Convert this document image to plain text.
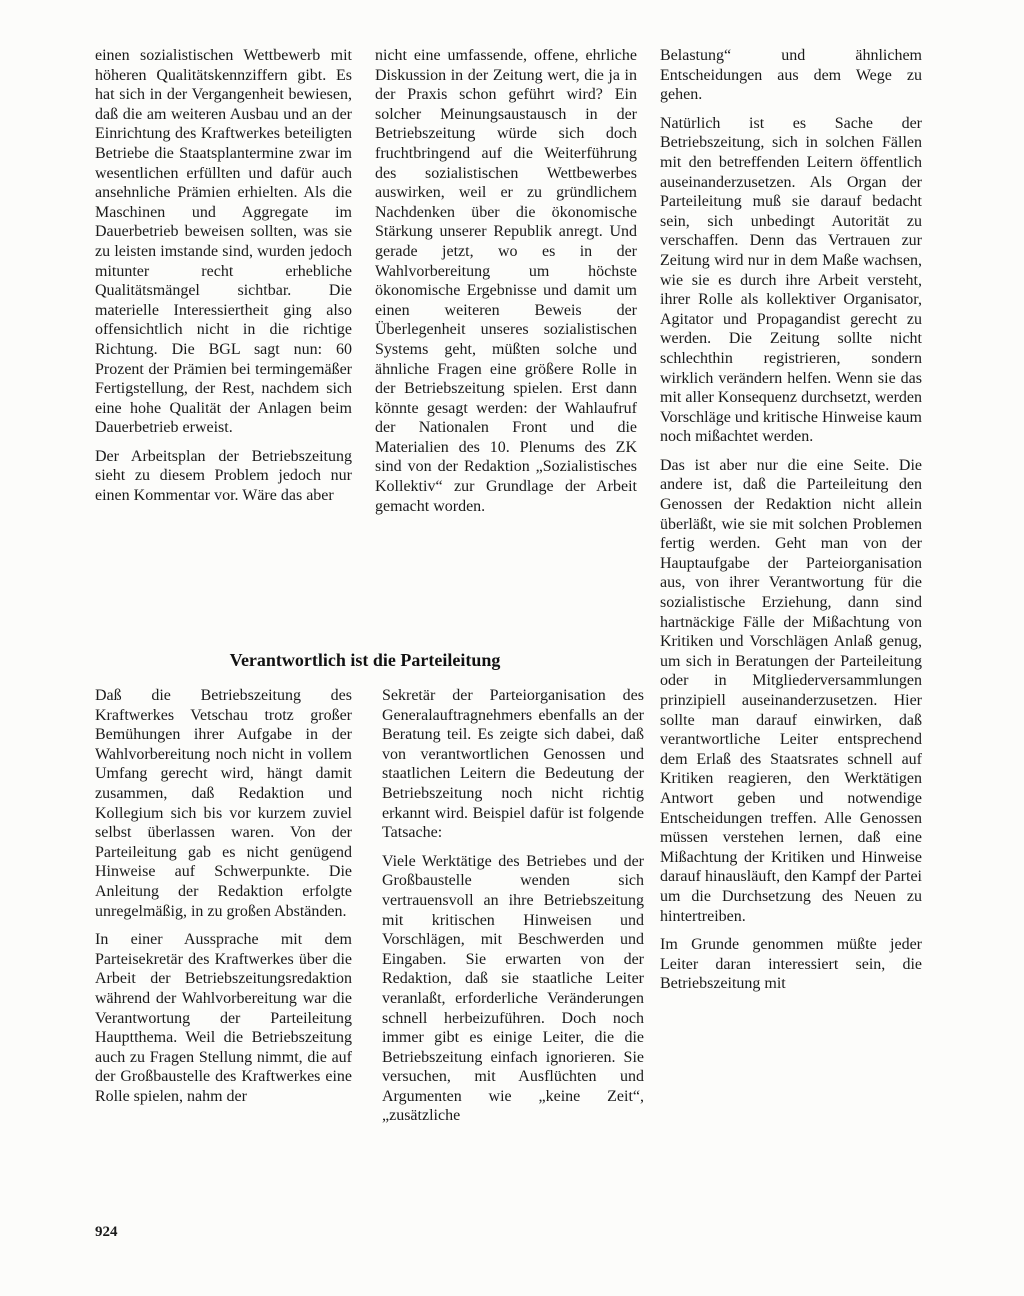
einen sozialistischen Wettbewerb mit höheren Qualitätskennziffern gibt. Es hat sich in der Vergangenheit bewiesen, daß die am weiteren Ausbau und an der Einrichtung des Kraftwerkes beteiligten Betriebe die Staatsplantermine zwar im wesentlichen erfüllten und dafür auch ansehnliche Prämien erhielten. Als die Maschinen und Aggregate im Dauerbetrieb beweisen sollten, was sie zu leisten imstande sind, wurden jedoch mitunter recht erhebliche Qualitätsmängel sichtbar. Die materielle Interessiertheit ging also offensichtlich nicht in die richtige Richtung. Die BGL sagt nun: 60 Prozent der Prämien bei termingemäßer Fertigstellung, der Rest, nachdem sich eine hohe Qualität der Anlagen beim Dauerbetrieb erweist.

Der Arbeitsplan der Betriebszeitung sieht zu diesem Problem jedoch nur einen Kommentar vor. Wäre das aber

nicht eine umfassende, offene, ehrliche Diskussion in der Zeitung wert, die ja in der Praxis schon geführt wird? Ein solcher Meinungsaustausch in der Betriebszeitung würde sich doch fruchtbringend auf die Weiterführung des sozialistischen Wettbewerbes auswirken, weil er zu gründlichem Nachdenken über die ökonomische Stärkung unserer Republik anregt. Und gerade jetzt, wo es in der Wahlvorbereitung um höchste ökonomische Ergebnisse und damit um einen weiteren Beweis der Überlegenheit unseres sozialistischen Systems geht, müßten solche und ähnliche Fragen eine größere Rolle in der Betriebszeitung spielen. Erst dann könnte gesagt werden: der Wahlaufruf der Nationalen Front und die Materialien des 10. Plenums des ZK sind von der Redaktion „Sozialistisches Kollektiv“ zur Grundlage der Arbeit gemacht worden.

Verantwortlich ist die Parteileitung

Daß die Betriebszeitung des Kraftwerkes Vetschau trotz großer Bemühungen ihrer Aufgabe in der Wahlvorbereitung noch nicht in vollem Umfang gerecht wird, hängt damit zusammen, daß Redaktion und Kollegium sich bis vor kurzem zuviel selbst überlassen waren. Von der Parteileitung gab es nicht genügend Hinweise auf Schwerpunkte. Die Anleitung der Redaktion erfolgte unregelmäßig, in zu großen Abständen.

In einer Aussprache mit dem Parteisekretär des Kraftwerkes über die Arbeit der Betriebszeitungsredaktion während der Wahlvorbereitung war die Verantwortung der Parteileitung Hauptthema. Weil die Betriebszeitung auch zu Fragen Stellung nimmt, die auf der Großbaustelle des Kraftwerkes eine Rolle spielen, nahm der

Sekretär der Parteiorganisation des Generalauftragnehmers ebenfalls an der Beratung teil. Es zeigte sich dabei, daß von verantwortlichen Genossen und staatlichen Leitern die Bedeutung der Betriebszeitung noch nicht richtig erkannt wird. Beispiel dafür ist folgende Tatsache:

Viele Werktätige des Betriebes und der Großbaustelle wenden sich vertrauensvoll an ihre Betriebszeitung mit kritischen Hinweisen und Vorschlägen, mit Beschwerden und Eingaben. Sie erwarten von der Redaktion, daß sie staatliche Leiter veranlaßt, erforderliche Veränderungen schnell herbeizuführen. Doch noch immer gibt es einige Leiter, die die Betriebszeitung einfach ignorieren. Sie versuchen, mit Ausflüchten und Argumenten wie „keine Zeit“, „zusätzliche

Belastung“ und ähnlichem Entscheidungen aus dem Wege zu gehen.

Natürlich ist es Sache der Betriebszeitung, sich in solchen Fällen mit den betreffenden Leitern öffentlich auseinanderzusetzen. Als Organ der Parteileitung muß sie darauf bedacht sein, sich unbedingt Autorität zu verschaffen. Denn das Vertrauen zur Zeitung wird nur in dem Maße wachsen, wie sie es durch ihre Arbeit versteht, ihrer Rolle als kollektiver Organisator, Agitator und Propagandist gerecht zu werden. Die Zeitung sollte nicht schlechthin registrieren, sondern wirklich verändern helfen. Wenn sie das mit aller Konsequenz durchsetzt, werden Vorschläge und kritische Hinweise kaum noch mißachtet werden.

Das ist aber nur die eine Seite. Die andere ist, daß die Parteileitung den Genossen der Redaktion nicht allein überläßt, wie sie mit solchen Problemen fertig werden. Geht man von der Hauptaufgabe der Parteiorganisation aus, von ihrer Verantwortung für die sozialistische Erziehung, dann sind hartnäckige Fälle der Mißachtung von Kritiken und Vorschlägen Anlaß genug, um sich in Beratungen der Parteileitung oder in Mitgliederversammlungen prinzipiell auseinanderzusetzen. Hier sollte man darauf einwirken, daß verantwortliche Leiter entsprechend dem Erlaß des Staatsrates schnell auf Kritiken reagieren, den Werktätigen Antwort geben und notwendige Entscheidungen treffen. Alle Genossen müssen verstehen lernen, daß eine Mißachtung der Kritiken und Hinweise darauf hinausläuft, den Kampf der Partei um die Durchsetzung des Neuen zu hintertreiben.

Im Grunde genommen müßte jeder Leiter daran interessiert sein, die Betriebszeitung mit

924
